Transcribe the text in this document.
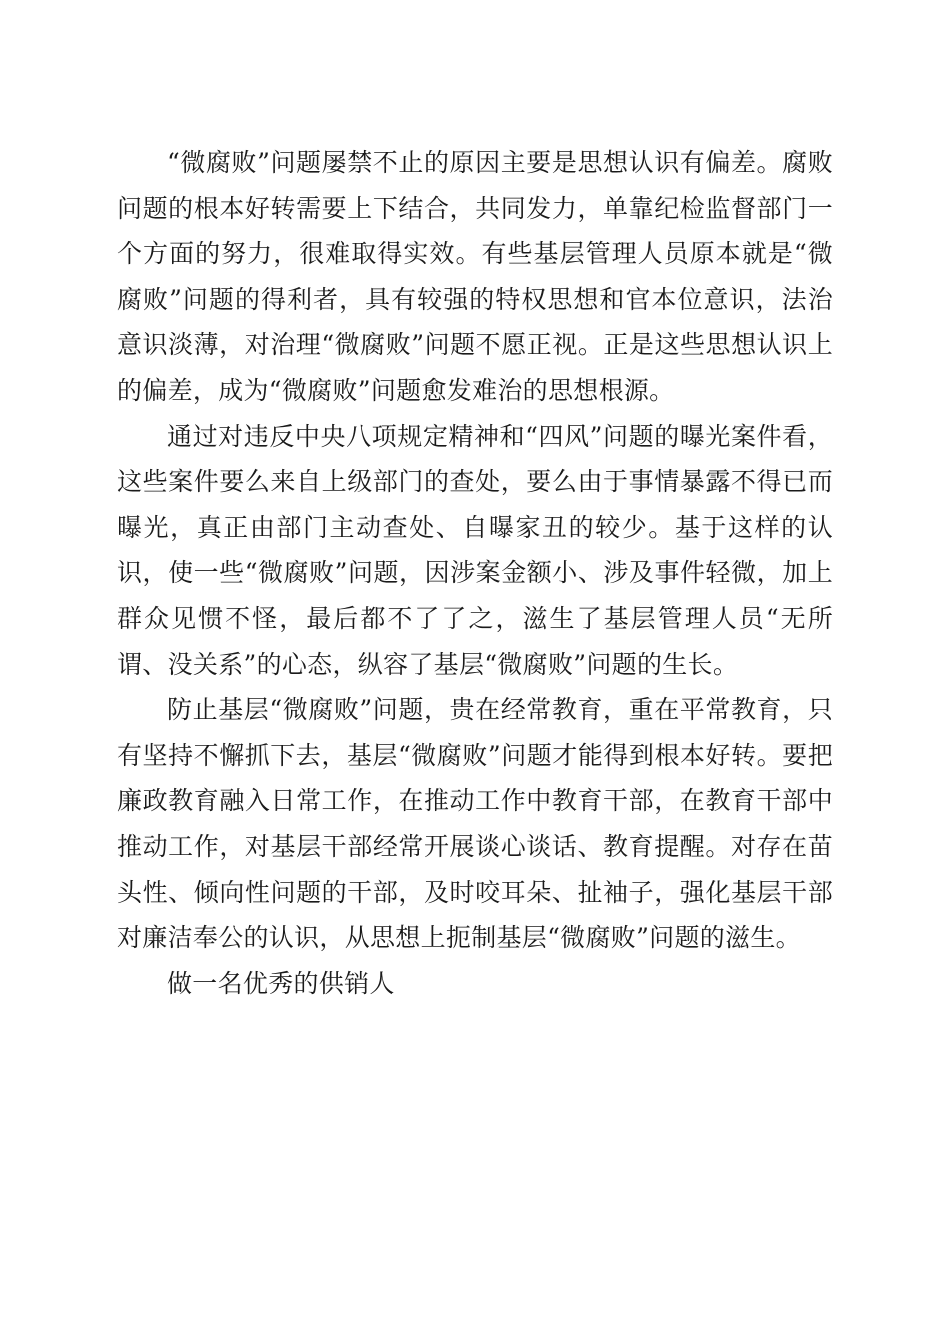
“微腐败”问题屡禁不止的原因主要是思想认识有偏差。腐败问题的根本好转需要上下结合，共同发力，单靠纪检监督部门一个方面的努力，很难取得实效。有些基层管理人员原本就是“微腐败”问题的得利者，具有较强的特权思想和官本位意识，法治意识淡薄，对治理“微腐败”问题不愿正视。正是这些思想认识上的偏差，成为“微腐败”问题愈发难治的思想根源。

通过对违反中央八项规定精神和“四风”问题的曝光案件看，这些案件要么来自上级部门的查处，要么由于事情暴露不得已而曝光，真正由部门主动查处、自曝家丑的较少。基于这样的认识，使一些“微腐败”问题，因涉案金额小、涉及事件轻微，加上群众见惯不怪，最后都不了了之，滋生了基层管理人员“无所谓、没关系”的心态，纵容了基层“微腐败”问题的生长。

防止基层“微腐败”问题，贵在经常教育，重在平常教育，只有坚持不懈抓下去，基层“微腐败”问题才能得到根本好转。要把廉政教育融入日常工作，在推动工作中教育干部，在教育干部中推动工作，对基层干部经常开展谈心谈话、教育提醒。对存在苗头性、倾向性问题的干部，及时咬耳朵、扯袖子，强化基层干部对廉洁奉公的认识，从思想上扼制基层“微腐败”问题的滋生。

做一名优秀的供销人
